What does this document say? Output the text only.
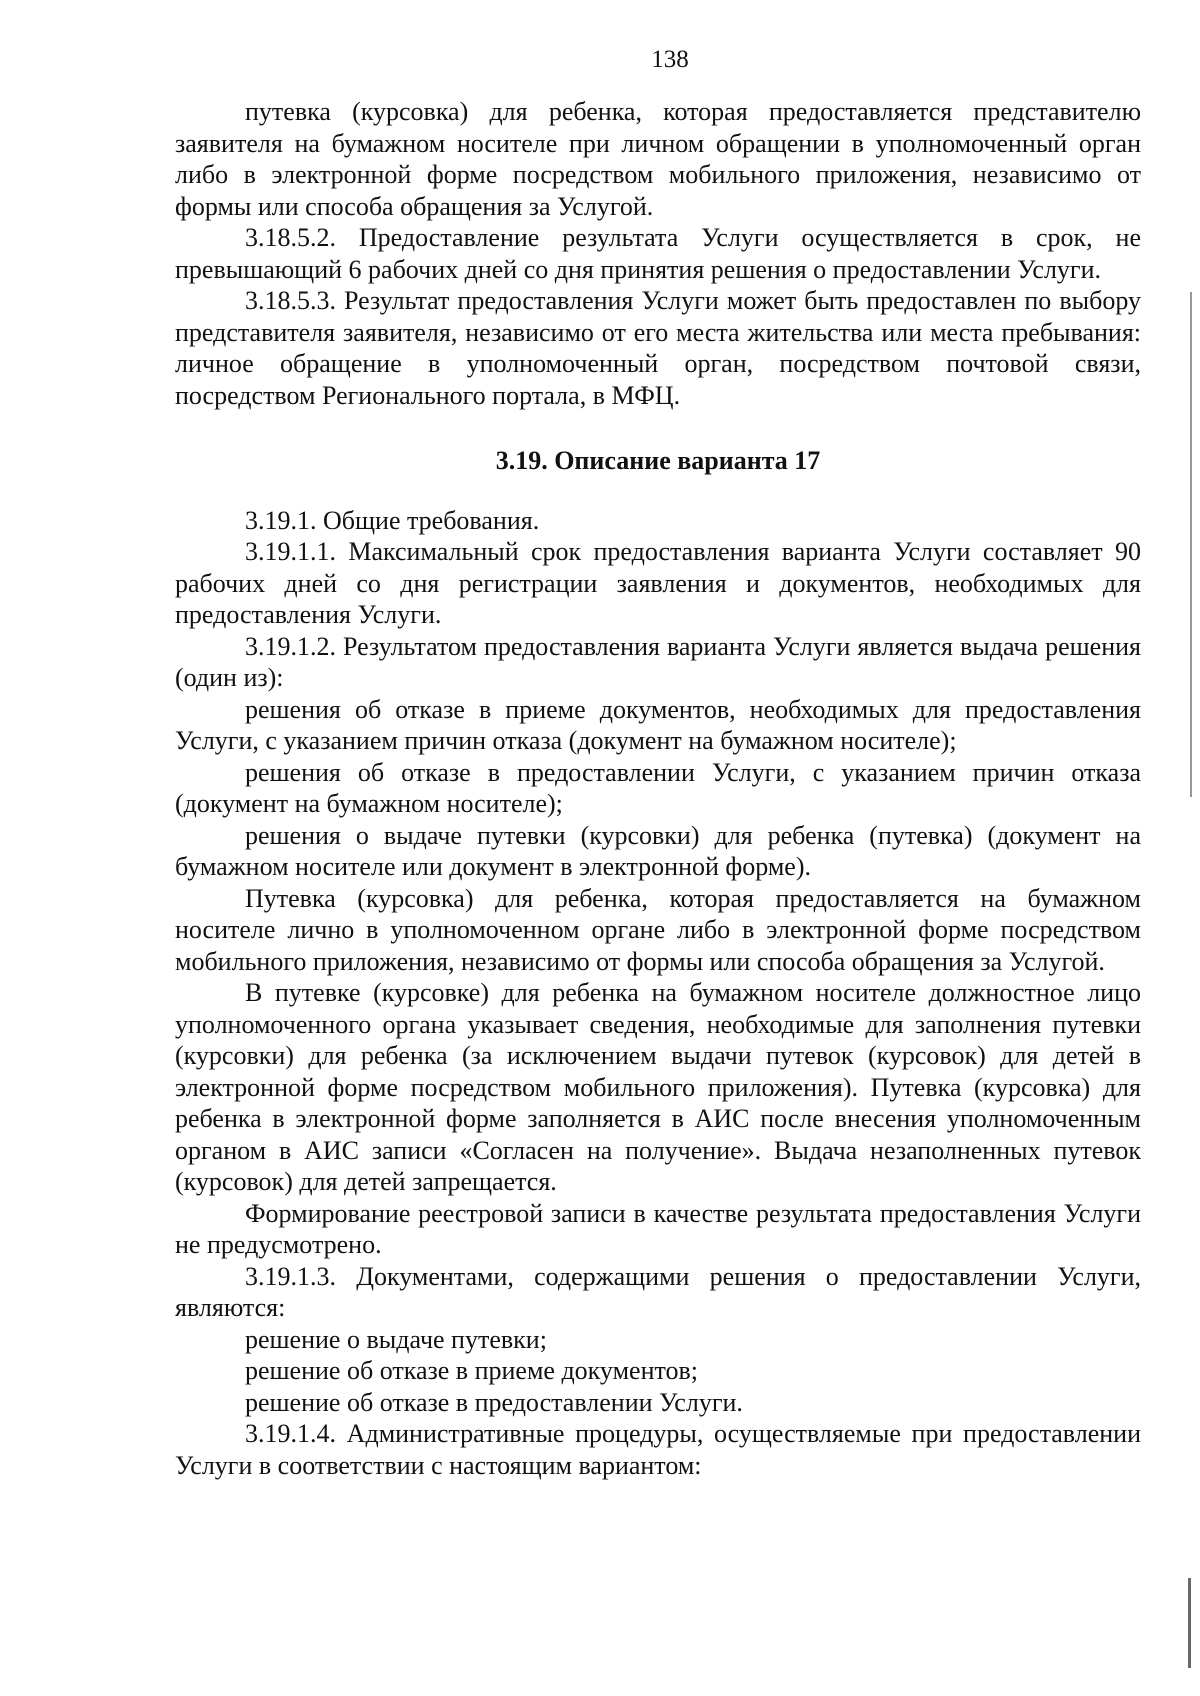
138

путевка (курсовка) для ребенка, которая предоставляется представителю заявителя на бумажном носителе при личном обращении в уполномоченный орган либо в электронной форме посредством мобильного приложения, независимо от формы или способа обращения за Услугой.

3.18.5.2. Предоставление результата Услуги осуществляется в срок, не превышающий 6 рабочих дней со дня принятия решения о предоставлении Услуги.

3.18.5.3. Результат предоставления Услуги может быть предоставлен по выбору представителя заявителя, независимо от его места жительства или места пребывания: личное обращение в уполномоченный орган, посредством почтовой связи, посредством Регионального портала, в МФЦ.

3.19. Описание варианта 17

3.19.1. Общие требования.

3.19.1.1. Максимальный срок предоставления варианта Услуги составляет 90 рабочих дней со дня регистрации заявления и документов, необходимых для предоставления Услуги.

3.19.1.2. Результатом предоставления варианта Услуги является выдача решения (один из):

решения об отказе в приеме документов, необходимых для предоставления Услуги, с указанием причин отказа (документ на бумажном носителе);

решения об отказе в предоставлении Услуги, с указанием причин отказа (документ на бумажном носителе);

решения о выдаче путевки (курсовки) для ребенка (путевка) (документ на бумажном носителе или документ в электронной форме).

Путевка (курсовка) для ребенка, которая предоставляется на бумажном носителе лично в уполномоченном органе либо в электронной форме посредством мобильного приложения, независимо от формы или способа обращения за Услугой.

В путевке (курсовке) для ребенка на бумажном носителе должностное лицо уполномоченного органа указывает сведения, необходимые для заполнения путевки (курсовки) для ребенка (за исключением выдачи путевок (курсовок) для детей в электронной форме посредством мобильного приложения). Путевка (курсовка) для ребенка в электронной форме заполняется в АИС после внесения уполномоченным органом в АИС записи «Согласен на получение». Выдача незаполненных путевок (курсовок) для детей запрещается.

Формирование реестровой записи в качестве результата предоставления Услуги не предусмотрено.

3.19.1.3. Документами, содержащими решения о предоставлении Услуги, являются:

решение о выдаче путевки;

решение об отказе в приеме документов;

решение об отказе в предоставлении Услуги.

3.19.1.4. Административные процедуры, осуществляемые при предоставлении Услуги в соответствии с настоящим вариантом:
